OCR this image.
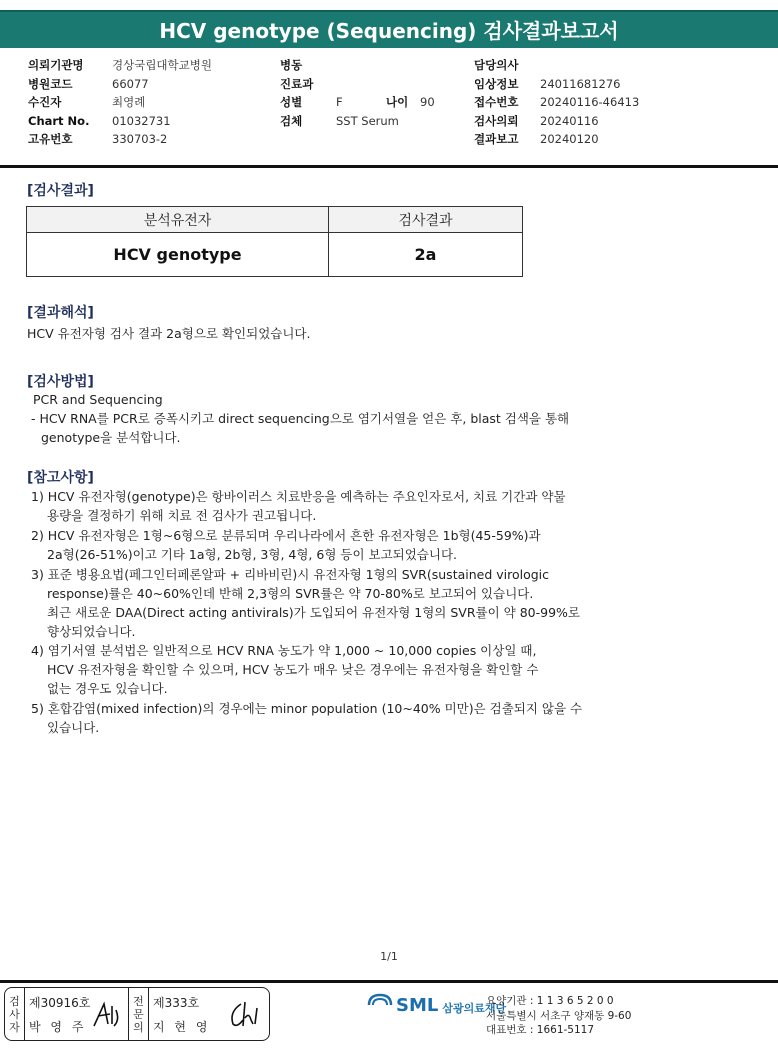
HCV genotype (Sequencing) 검사결과보고서
의뢰기관명	경상국립대학교병원
병원코드	66077
수진자	최영례
Chart No.	01032731
고유번호	330703-2
병동
진료과
성별	F	나이	90
검체	SST Serum
담당의사
임상정보	24011681276
접수번호	20240116-46413
검사의뢰	20240116
결과보고	20240120
[검사결과]
분석유전자	검사결과
HCV genotype	2a
[결과해석]
HCV 유전자형 검사 결과 2a형으로 확인되었습니다.
[검사방법]
PCR and Sequencing
- HCV RNA를 PCR로 증폭시키고 direct sequencing으로 염기서열을 얻은 후, blast 검색을 통해
genotype을 분석합니다.
[참고사항]
1) HCV 유전자형(genotype)은 항바이러스 치료반응을 예측하는 주요인자로서, 치료 기간과 약물
용량을 결정하기 위해 치료 전 검사가 권고됩니다.
2) HCV 유전자형은 1형~6형으로 분류되며 우리나라에서 흔한 유전자형은 1b형(45-59%)과
2a형(26-51%)이고 기타 1a형, 2b형, 3형, 4형, 6형 등이 보고되었습니다.
3) 표준 병용요법(페그인터페론알파 + 리바비린)시 유전자형 1형의 SVR(sustained virologic
response)률은 40~60%인데 반해 2,3형의 SVR률은 약 70-80%로 보고되어 있습니다.
최근 새로운 DAA(Direct acting antivirals)가 도입되어 유전자형 1형의 SVR률이 약 80-99%로
향상되었습니다.
4) 염기서열 분석법은 일반적으로 HCV RNA 농도가 약 1,000 ~ 10,000 copies 이상일 때,
HCV 유전자형을 확인할 수 있으며, HCV 농도가 매우 낮은 경우에는 유전자형을 확인할 수
없는 경우도 있습니다.
5) 혼합감염(mixed infection)의 경우에는 minor population (10~40% 미만)은 검출되지 않을 수
있습니다.
1/1
검
사
자
제30916호
박 영 주
전
문
의
제333호
지 현 영
SML 삼광의료재단
요양기관 : 1 1 3 6 5 2 0 0
서울특별시 서초구 양재동 9-60
대표번호 : 1661-5117
